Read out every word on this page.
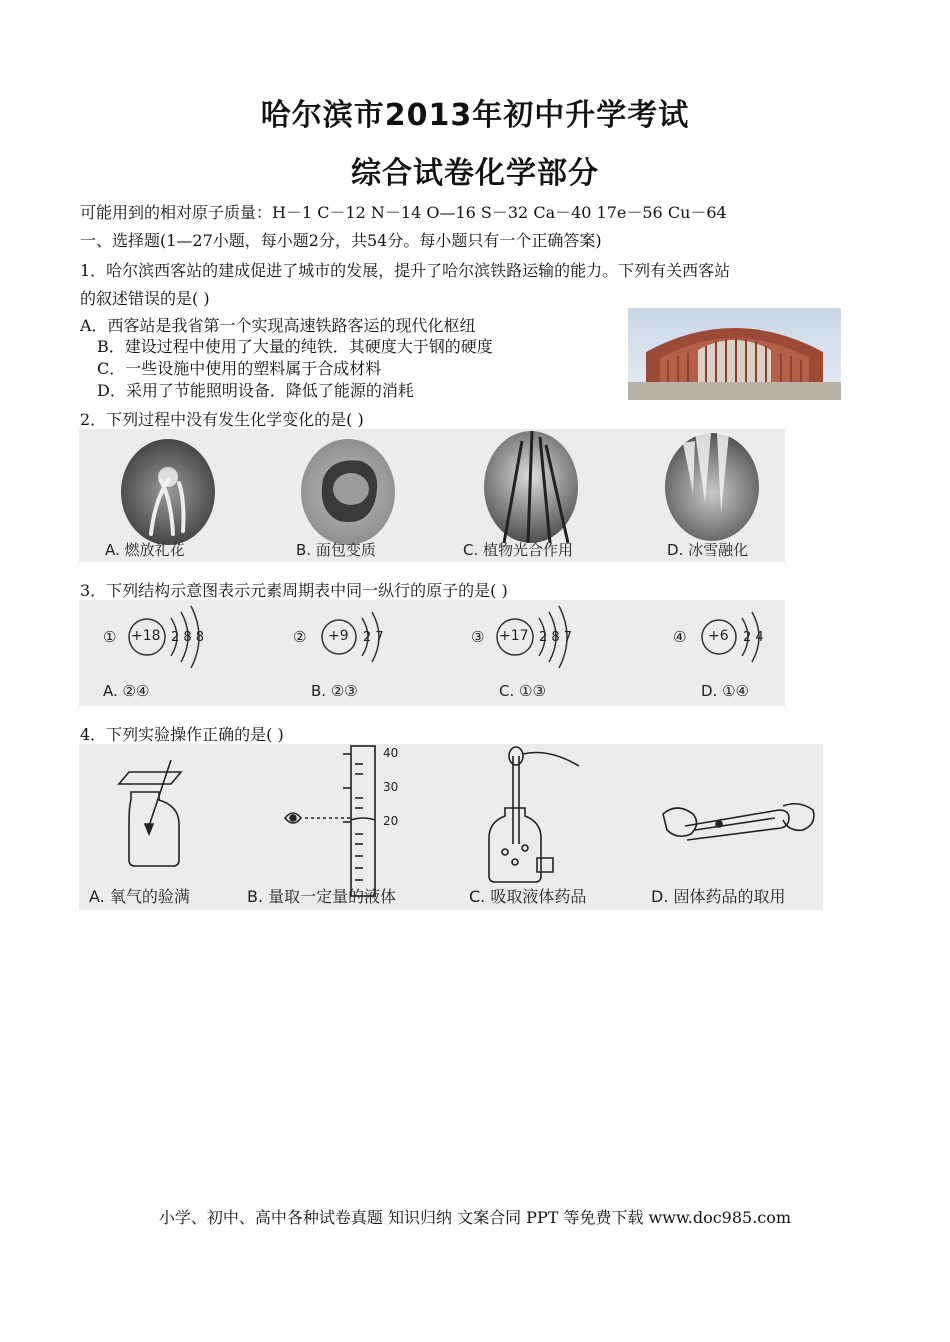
哈尔滨市2013年初中升学考试
综合试卷化学部分
可能用到的相对原子质量：H－1 C－12 N－14 O—16 S－32 Ca－40 17e－56 Cu－64
一、选择题(1—27小题，每小题2分，共54分。每小题只有一个正确答案)
1．哈尔滨西客站的建成促进了城市的发展，提升了哈尔滨铁路运输的能力。下列有关西客站
的叙述错误的是( )
A．西客站是我省第一个实现高速铁路客运的现代化枢纽
B．建设过程中使用了大量的纯铁．其硬度大于钢的硬度
C．一些设施中使用的塑料属于合成材料
D．采用了节能照明设备．降低了能源的消耗
2．下列过程中没有发生化学变化的是( )
A. 燃放礼花	B. 面包变质	C. 植物光合作用	D. 冰雪融化
3．下列结构示意图表示元素周期表中同一纵行的原子的是( )
① +18 2 8 8	② +9 2 7	③ +17 2 8 7	④ +6 2 4
A. ②④	B. ②③	C. ①③	D. ①④
4．下列实验操作正确的是( )
40
30
20
A. 氧气的验满	B. 量取一定量的液体	C. 吸取液体药品	D. 固体药品的取用
小学、初中、高中各种试卷真题 知识归纳 文案合同 PPT 等免费下载 www.doc985.com
